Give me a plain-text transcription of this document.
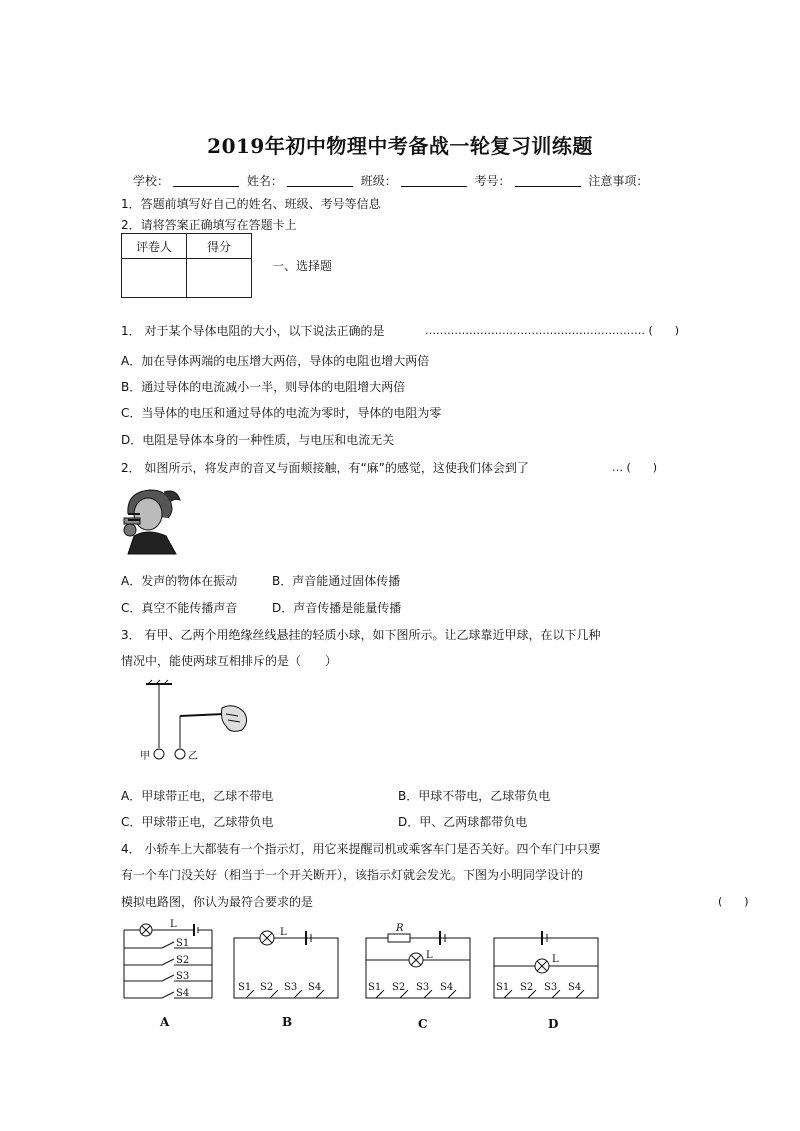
2019年初中物理中考备战一轮复习训练题
学校：	姓名：	班级：	考号：	注意事项：
1．答题前填写好自己的姓名、班级、考号等信息
2．请将答案正确填写在答题卡上
评卷人	得分

一、选择题
1． 对于某个导体电阻的大小，以下说法正确的是	…………………………………………………… (　　)
A．加在导体两端的电压增大两倍，导体的电阻也增大两倍
B．通过导体的电流减小一半，则导体的电阻增大两倍
C．当导体的电压和通过导体的电流为零时，导体的电阻为零
D．电阻是导体本身的一种性质，与电压和电流无关
2． 如图所示，将发声的音叉与面颊接触，有“麻”的感觉，这使我们体会到了	… (　　)
A．发声的物体在振动	B．声音能通过固体传播
C．真空不能传播声音	D．声音传播是能量传播
3． 有甲、乙两个用绝缘丝线悬挂的轻质小球，如下图所示。让乙球靠近甲球，在以下几种
情况中，能使两球互相排斥的是（　　）
甲	乙
A．甲球带正电，乙球不带电	B．甲球不带电，乙球带负电
C．甲球带正电，乙球带负电	D．甲、乙两球都带负电
4． 小轿车上大都装有一个指示灯，用它来提醒司机或乘客车门是否关好。四个车门中只要
有一个车门没关好（相当于一个开关断开），该指示灯就会发光。下图为小明同学设计的
模拟电路图，你认为最符合要求的是	(　　)
L
S1
S2
S3
S4
L
S1 S2 S3 S4
R
L
S1 S2 S3 S4
L
S1 S2 S3 S4
A	B	C	D
